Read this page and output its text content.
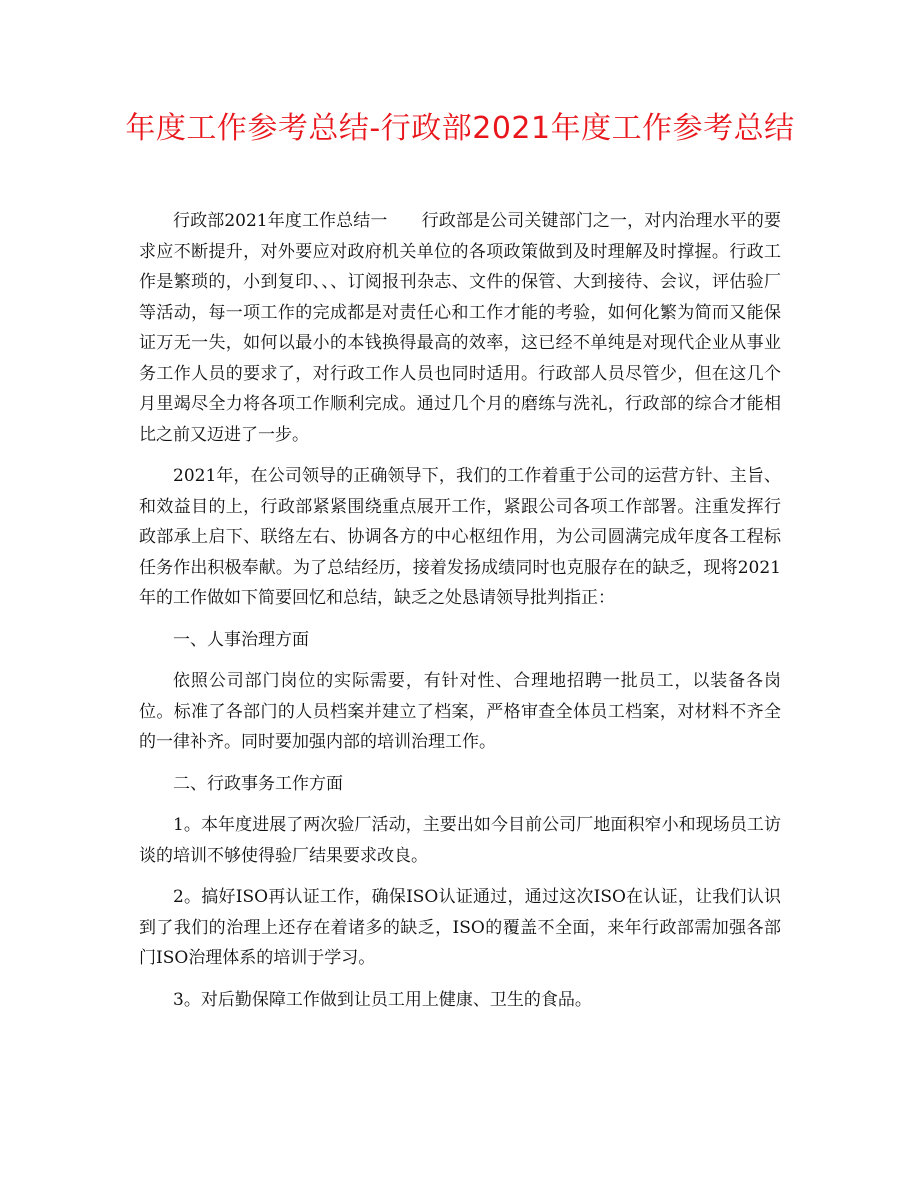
年度工作参考总结-行政部2021年度工作参考总结

行政部2021年度工作总结一　　行政部是公司关键部门之一，对内治理水平的要求应不断提升，对外要应对政府机关单位的各项政策做到及时理解及时撑握。行政工作是繁琐的，小到复印、、、订阅报刊杂志、文件的保管、大到接待、会议，评估验厂等活动，每一项工作的完成都是对责任心和工作才能的考验，如何化繁为简而又能保证万无一失，如何以最小的本钱换得最高的效率，这已经不单纯是对现代企业从事业务工作人员的要求了，对行政工作人员也同时适用。行政部人员尽管少，但在这几个月里竭尽全力将各项工作顺利完成。通过几个月的磨练与洗礼，行政部的综合才能相比之前又迈进了一步。

2021年，在公司领导的正确领导下，我们的工作着重于公司的运营方针、主旨、和效益目的上，行政部紧紧围绕重点展开工作，紧跟公司各项工作部署。注重发挥行政部承上启下、联络左右、协调各方的中心枢纽作用，为公司圆满完成年度各工程标任务作出积极奉献。为了总结经历，接着发扬成绩同时也克服存在的缺乏，现将2021年的工作做如下简要回忆和总结，缺乏之处恳请领导批判指正：

一、人事治理方面

依照公司部门岗位的实际需要，有针对性、合理地招聘一批员工，以装备各岗位。标准了各部门的人员档案并建立了档案，严格审查全体员工档案，对材料不齐全的一律补齐。同时要加强内部的培训治理工作。

二、行政事务工作方面

1。本年度进展了两次验厂活动，主要出如今目前公司厂地面积窄小和现场员工访谈的培训不够使得验厂结果要求改良。

2。搞好ISO再认证工作，确保ISO认证通过，通过这次ISO在认证，让我们认识到了我们的治理上还存在着诸多的缺乏，ISO的覆盖不全面，来年行政部需加强各部门ISO治理体系的培训于学习。

3。对后勤保障工作做到让员工用上健康、卫生的食品。
